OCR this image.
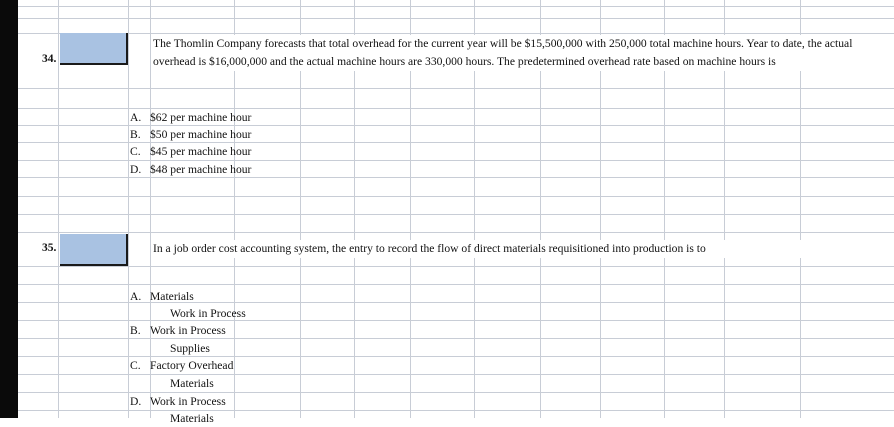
34.
The Thomlin Company forecasts that total overhead for the current year will be $15,500,000 with 250,000 total machine hours. Year to date, the actual overhead is $16,000,000 and the actual machine hours are 330,000 hours. The predetermined overhead rate based on machine hours is
A. $62 per machine hour
B. $50 per machine hour
C. $45 per machine hour
D. $48 per machine hour
35.	In a job order cost accounting system, the entry to record the flow of direct materials requisitioned into production is to
A. Materials
Work in Process
B. Work in Process
Supplies
C. Factory Overhead
Materials
D. Work in Process
Materials
